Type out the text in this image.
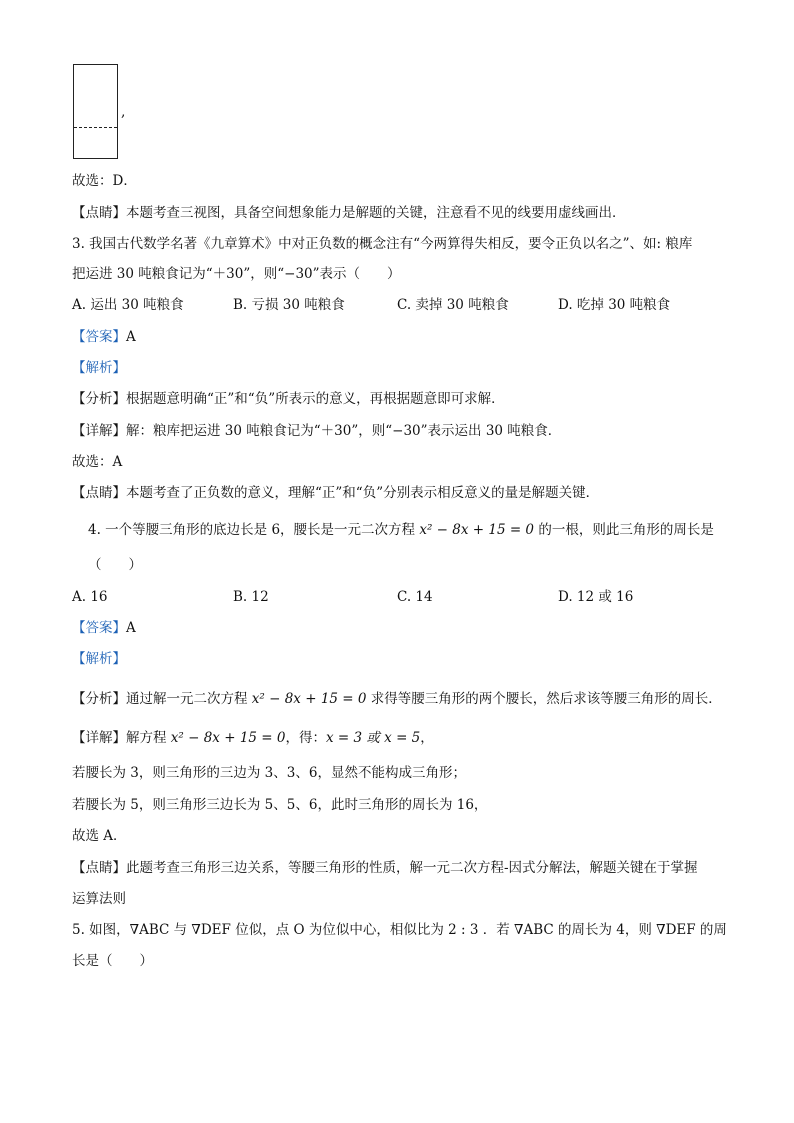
,
故选：D．
【点睛】本题考查三视图，具备空间想象能力是解题的关键，注意看不见的线要用虚线画出．
3. 我国古代数学名著《九章算术》中对正负数的概念注有“今两算得失相反，要令正负以名之”、如: 粮库
把运进 30 吨粮食记为“＋30”，则“−30”表示（　　）
A. 运出 30 吨粮食	B. 亏损 30 吨粮食	C. 卖掉 30 吨粮食	D. 吃掉 30 吨粮食
【答案】A
【解析】
【分析】根据题意明确“正”和“负”所表示的意义，再根据题意即可求解．
【详解】解：粮库把运进 30 吨粮食记为“＋30”，则“−30”表示运出 30 吨粮食．
故选：A
【点睛】本题考查了正负数的意义，理解“正”和“负”分别表示相反意义的量是解题关键．
4. 一个等腰三角形的底边长是 6，腰长是一元二次方程 x² − 8x + 15 = 0 的一根，则此三角形的周长是
（　　）
A. 16	B. 12	C. 14	D. 12 或 16
【答案】A
【解析】
【分析】通过解一元二次方程 x² − 8x + 15 = 0 求得等腰三角形的两个腰长，然后求该等腰三角形的周长．
【详解】解方程 x² − 8x + 15 = 0，得：x = 3 或 x = 5，
若腰长为 3，则三角形的三边为 3、3、6，显然不能构成三角形；
若腰长为 5，则三角形三边长为 5、5、6，此时三角形的周长为 16，
故选 A．
【点睛】此题考查三角形三边关系，等腰三角形的性质，解一元二次方程-因式分解法，解题关键在于掌握
运算法则
5. 如图，∇ABC 与 ∇DEF 位似，点 O 为位似中心，相似比为 2 : 3 ．若 ∇ABC 的周长为 4，则 ∇DEF 的周
长是（　　）
